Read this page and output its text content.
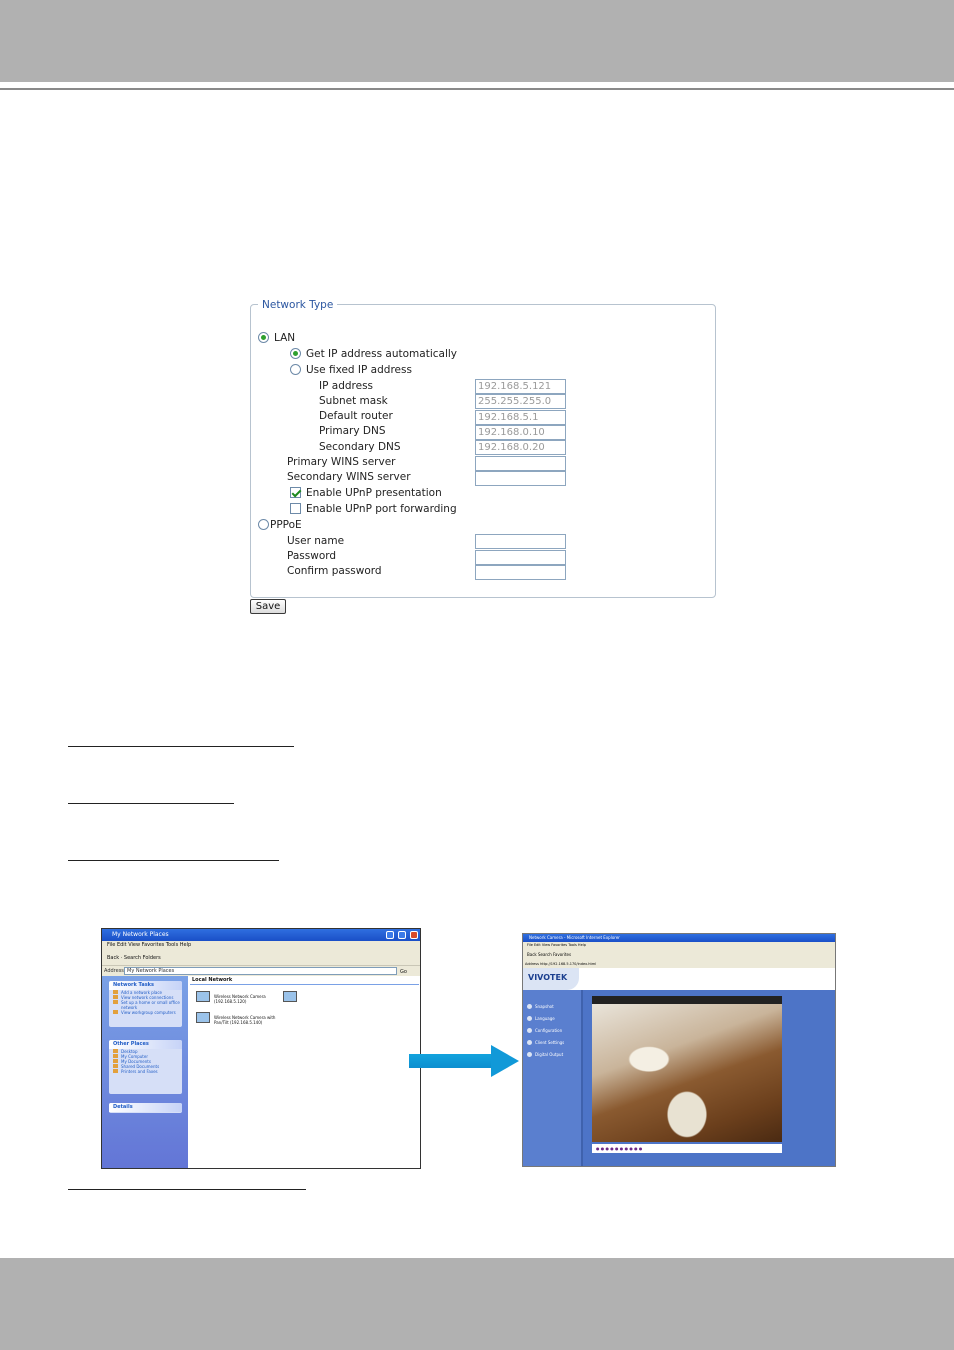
Network Type
LAN
Get IP address automatically
Use fixed IP address
IP address
192.168.5.121
Subnet mask
255.255.255.0
Default router
192.168.5.1
Primary DNS
192.168.0.10
Secondary DNS
192.168.0.20
Primary WINS server
Secondary WINS server
Enable UPnP presentation
Enable UPnP port forwarding
PPPoE
User name
Password
Confirm password
Save
My Network Places
File Edit View Favorites Tools Help
Back · Search Folders
Address My Network Places	Go
Network Tasks
Add a network place
View network connections
Set up a home or small office network
View workgroup computers
Other Places
Desktop
My Computer
My Documents
Shared Documents
Printers and Faxes
Details
Local Network
Wireless Network Camera
(192.168.5.120)
Wireless Network Camera with
Pan/Tilt (192.168.5.140)
Network Camera - Microsoft Internet Explorer
File Edit View Favorites Tools Help
Back Search Favorites
Address http://192.168.5.170/index.html
VIVOTEK
Snapshot
Language
Configuration
Client Settings
Digital Output
● ● ● ● ● ● ● ● ● ●
